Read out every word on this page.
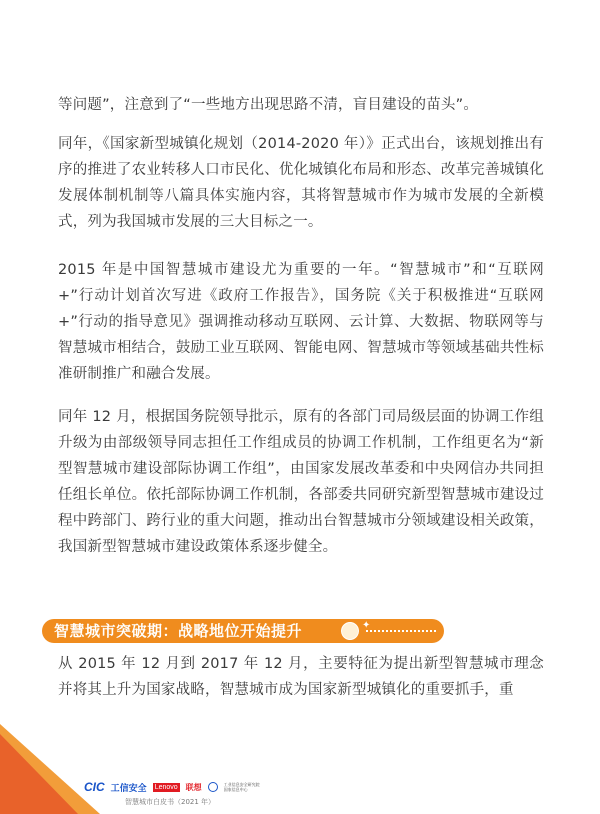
等问题”，注意到了“一些地方出现思路不清，盲目建设的苗头”。

同年，《国家新型城镇化规划（2014-2020 年）》正式出台，该规划推出有序的推进了农业转移人口市民化、优化城镇化布局和形态、改革完善城镇化发展体制机制等八篇具体实施内容，其将智慧城市作为城市发展的全新模式，列为我国城市发展的三大目标之一。

2015 年是中国智慧城市建设尤为重要的一年。“智慧城市”和“互联网 +”行动计划首次写进《政府工作报告》，国务院《关于积极推进“互联网 +”行动的指导意见》强调推动移动互联网、云计算、大数据、物联网等与智慧城市相结合，鼓励工业互联网、智能电网、智慧城市等领域基础共性标准研制推广和融合发展。

同年 12 月，根据国务院领导批示，原有的各部门司局级层面的协调工作组升级为由部级领导同志担任工作组成员的协调工作机制，工作组更名为“新型智慧城市建设部际协调工作组”，由国家发展改革委和中央网信办共同担任组长单位。依托部际协调工作机制，各部委共同研究新型智慧城市建设过程中跨部门、跨行业的重大问题，推动出台智慧城市分领域建设相关政策，我国新型智慧城市建设政策体系逐步健全。

智慧城市突破期：战略地位开始提升	✦

从 2015 年 12 月到 2017 年 12 月，主要特征为提出新型智慧城市理念并将其上升为国家战略，智慧城市成为国家新型城镇化的重要抓手，重

5
CIC 工信安全 Lenovo 联想	工业信息安全研究院 国家信息中心
智慧城市白皮书（2021 年）
